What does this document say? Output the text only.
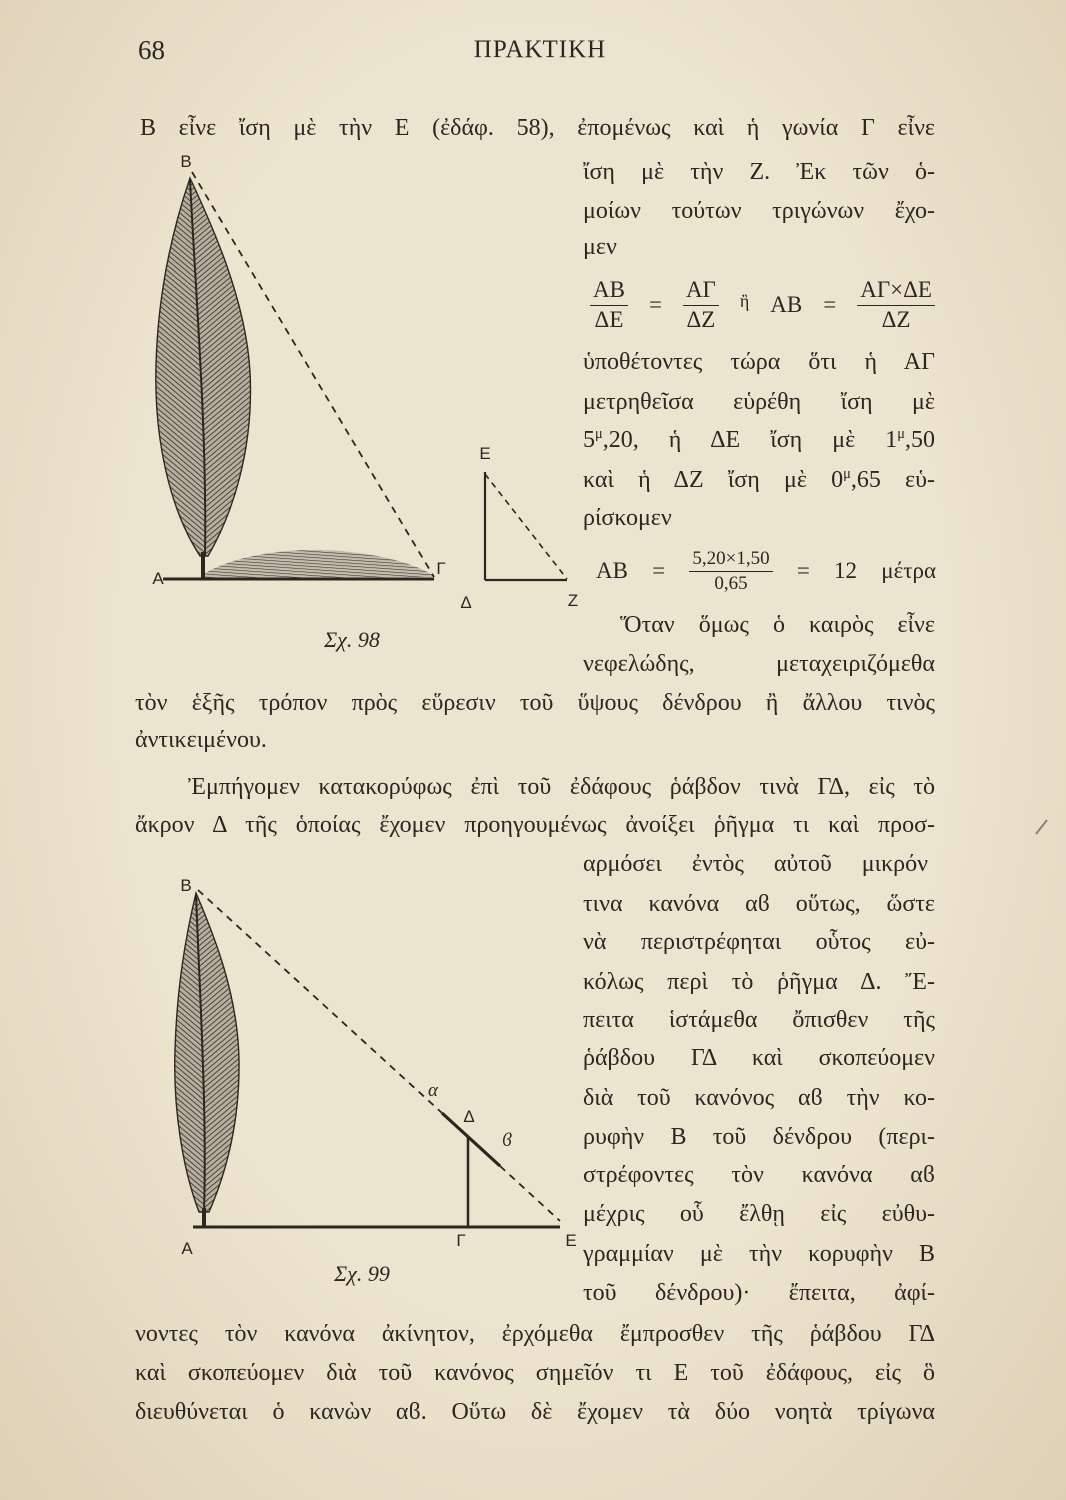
Β
Α
Γ
Ε
Δ	Ζ
Β
α
Δ
ϐ
Α	Γ	Ε
68	ΠΡΑΚΤΙΚΗ
Β εἶνε ἴση μὲ τὴν Ε (ἐδάφ. 58), ἐπομένως καὶ ἡ γωνία Γ εἶνε
ἴση μὲ τὴν Ζ. Ἐκ τῶν ὁ-
μοίων τούτων τριγώνων ἔχο-
μεν
$\frac{AB}{\Delta E} = \frac{A\Gamma}{\Delta Z}$ ἢ $AB = \frac{A\Gamma\times\Delta E}{\Delta Z}$
ὑποθέτοντες τώρα ὅτι ἡ ΑΓ
μετρηθεῖσα εὑρέθη ἴση μὲ
$5^\mu,20$, ἡ ΔΕ ἴση μὲ $1^\mu,50$
καὶ ἡ ΔΖ ἴση μὲ $0^\mu,65$ εὑ-
ρίσκομεν
$AB = \frac{5,20\times 1,50}{0,65} = 12$ μέτρα
Ὅταν ὅμως ὁ καιρὸς εἶνε
νεφελώδης, μεταχειριζόμεθα
Σχ. 98
τὸν ἑξῆς τρόπον πρὸς εὕρεσιν τοῦ ὕψους δένδρου ἢ ἄλλου τινὸς
ἀντικειμένου.
Ἐμπήγομεν κατακορύφως ἐπὶ τοῦ ἐδάφους ῥάβδον τινὰ ΓΔ, εἰς τὸ
ἄκρον Δ τῆς ὁποίας ἔχομεν προηγουμένως ἀνοίξει ῥῆγμα τι καὶ προσ-
αρμόσει ἐντὸς αὐτοῦ μικρόν
τινα κανόνα αϐ οὕτως, ὥστε
νὰ περιστρέφηται οὗτος εὐ-
κόλως περὶ τὸ ῥῆγμα Δ. Ἔ-
πειτα ἱστάμεθα ὄπισθεν τῆς
ῥάβδου ΓΔ καὶ σκοπεύομεν
διὰ τοῦ κανόνος αϐ τὴν κο-
ρυφὴν Β τοῦ δένδρου (περι-
στρέφοντες τὸν κανόνα αϐ
μέχρις οὗ ἔλθῃ εἰς εὐθυ-
γραμμίαν μὲ τὴν κορυφὴν Β
τοῦ δένδρου)· ἔπειτα, ἀφί-
Σχ. 99
νοντες τὸν κανόνα ἀκίνητον, ἐρχόμεθα ἔμπροσθεν τῆς ῥάβδου ΓΔ
καὶ σκοπεύομεν διὰ τοῦ κανόνος σημεῖόν τι Ε τοῦ ἐδάφους, εἰς ὃ
διευθύνεται ὁ κανὼν αϐ. Οὕτω δὲ ἔχομεν τὰ δύο νοητὰ τρίγωνα
